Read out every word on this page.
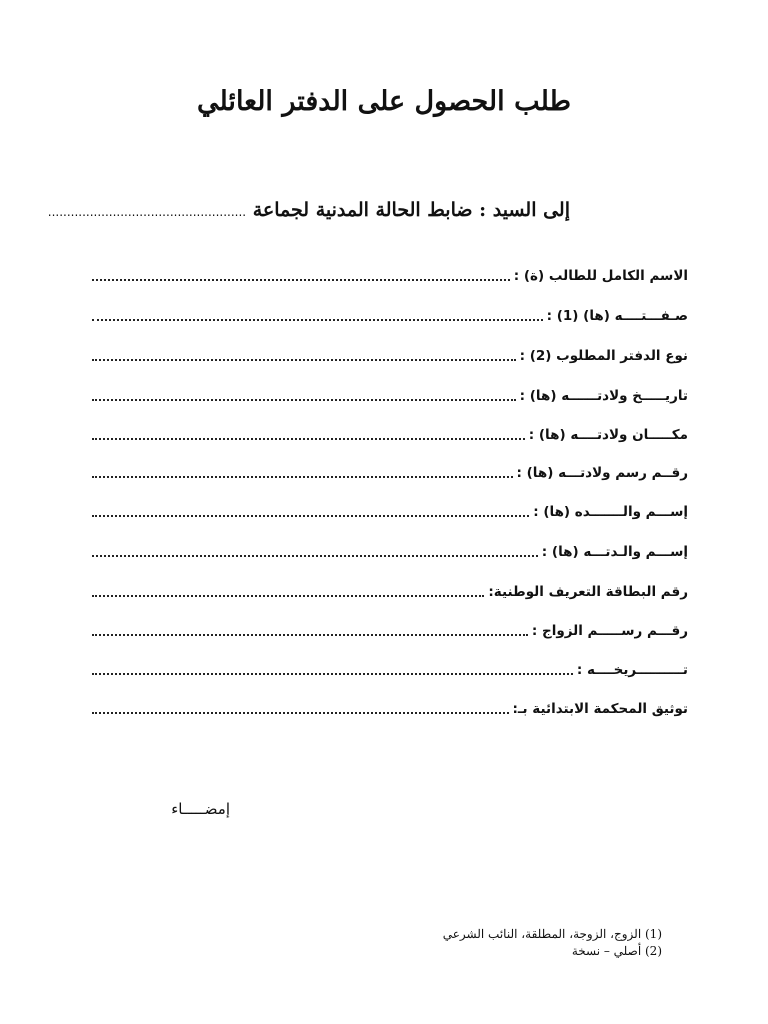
طلب الحصول على الدفتر العائلي
إلى السيد : ضابط الحالة المدنية لجماعة ....................................................
الاسم الكامل للطالب (ة) :
صـفـــتــــه (ها) (1) :
نوع الدفتر المطلوب (2) :
تاريـــــخ ولادتــــــه (ها) :
مكـــــان ولادتــــه (ها) :
رقــم رسم ولادتـــه (ها) :
إســـم والـــــــده (ها) :
إســـم والـدتـــه (ها) :
رقم البطاقة التعريف الوطنية:
رقـــم رســـــم الزواج :
تــــــــــريخــــه :
توثيق المحكمة الابتدائية بـ:
إمضـــــاء
(1) الزوج، الزوجة، المطلقة، النائب الشرعي
(2) أصلي – نسخة
